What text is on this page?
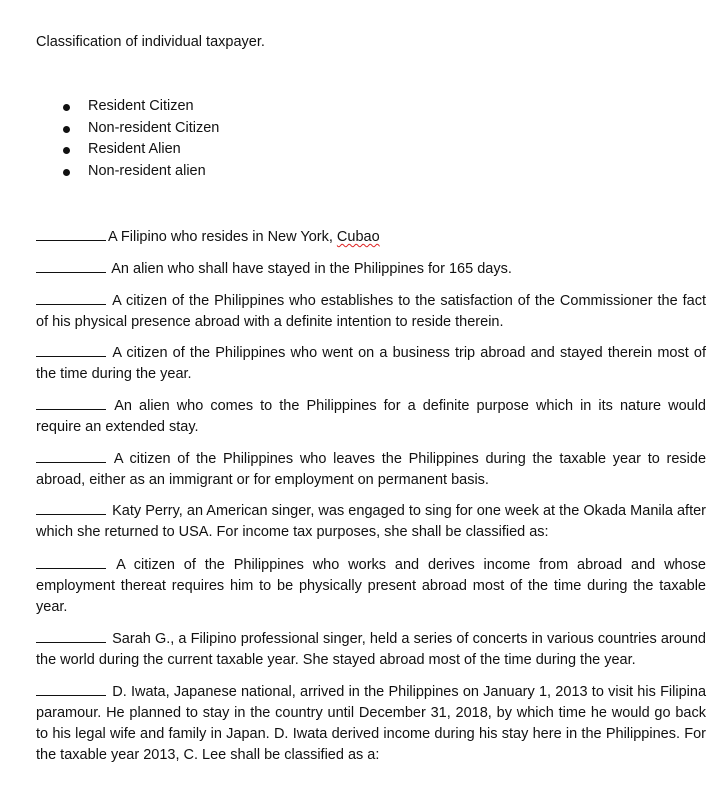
Classification of individual taxpayer.
Resident Citizen
Non-resident Citizen
Resident Alien
Non-resident alien

A Filipino who resides in New York, Cubao

An alien who shall have stayed in the Philippines for 165 days.

A citizen of the Philippines who establishes to the satisfaction of the Commissioner the fact of his physical presence abroad with a definite intention to reside therein.

A citizen of the Philippines who went on a business trip abroad and stayed therein most of the time during the year.

An alien who comes to the Philippines for a definite purpose which in its nature would require an extended stay.

A citizen of the Philippines who leaves the Philippines during the taxable year to reside abroad, either as an immigrant or for employment on permanent basis.

Katy Perry, an American singer, was engaged to sing for one week at the Okada Manila after which she returned to USA. For income tax purposes, she shall be classified as:

A citizen of the Philippines who works and derives income from abroad and whose employment thereat requires him to be physically present abroad most of the time during the taxable year.

Sarah G., a Filipino professional singer, held a series of concerts in various countries around the world during the current taxable year. She stayed abroad most of the time during the year.

D. Iwata, Japanese national, arrived in the Philippines on January 1, 2013 to visit his Filipina paramour. He planned to stay in the country until December 31, 2018, by which time he would go back to his legal wife and family in Japan. D. Iwata derived income during his stay here in the Philippines. For the taxable year 2013, C. Lee shall be classified as a:
